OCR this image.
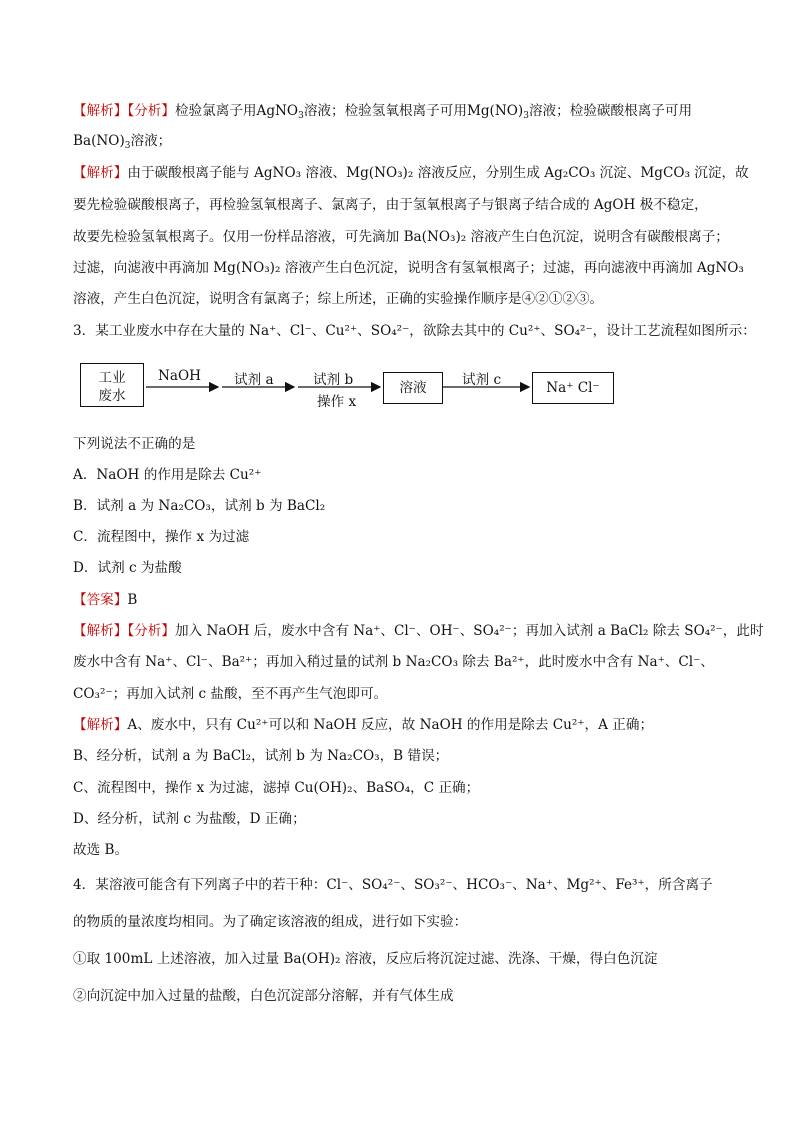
【解析】【分析】检验氯离子用AgNO$_3$溶液；检验氢氧根离子可用$Mg(NO)_3$溶液；检验碳酸根离子可用
$Ba(NO)_3$溶液；
【解析】由于碳酸根离子能与 AgNO₃ 溶液、Mg(NO₃)₂ 溶液反应，分别生成 Ag₂CO₃ 沉淀、MgCO₃ 沉淀，故
要先检验碳酸根离子，再检验氢氧根离子、氯离子，由于氢氧根离子与银离子结合成的 AgOH 极不稳定，
故要先检验氢氧根离子。仅用一份样品溶液，可先滴加 Ba(NO₃)₂ 溶液产生白色沉淀，说明含有碳酸根离子；
过滤，向滤液中再滴加 Mg(NO₃)₂ 溶液产生白色沉淀，说明含有氢氧根离子；过滤，再向滤液中再滴加 AgNO₃
溶液，产生白色沉淀，说明含有氯离子；综上所述，正确的实验操作顺序是④②①②③。
3．某工业废水中存在大量的 Na⁺、Cl⁻、Cu²⁺、SO₄²⁻，欲除去其中的 Cu²⁺、SO₄²⁻，设计工艺流程如图所示：
工业
废水	溶液	Na⁺ Cl⁻
NaOH 试剂 a	试剂 b
操作 x
试剂 c
下列说法不正确的是
A．NaOH 的作用是除去 Cu²⁺
B．试剂 a 为 Na₂CO₃，试剂 b 为 BaCl₂
C．流程图中，操作 x 为过滤
D．试剂 c 为盐酸
【答案】B
【解析】【分析】加入 NaOH 后，废水中含有 Na⁺、Cl⁻、OH⁻、SO₄²⁻；再加入试剂 a BaCl₂ 除去 SO₄²⁻，此时
废水中含有 Na⁺、Cl⁻、Ba²⁺；再加入稍过量的试剂 b Na₂CO₃ 除去 Ba²⁺，此时废水中含有 Na⁺、Cl⁻、
CO₃²⁻；再加入试剂 c 盐酸，至不再产生气泡即可。
【解析】A、废水中，只有 Cu²⁺可以和 NaOH 反应，故 NaOH 的作用是除去 Cu²⁺，A 正确；
B、经分析，试剂 a 为 BaCl₂，试剂 b 为 Na₂CO₃，B 错误；
C、流程图中，操作 x 为过滤，滤掉 Cu(OH)₂、BaSO₄，C 正确；
D、经分析，试剂 c 为盐酸，D 正确；
故选 B。
4．某溶液可能含有下列离子中的若干种：Cl⁻、SO₄²⁻、SO₃²⁻、HCO₃⁻、Na⁺、Mg²⁺、Fe³⁺，所含离子
的物质的量浓度均相同。为了确定该溶液的组成，进行如下实验：
①取 100mL 上述溶液，加入过量 Ba(OH)₂ 溶液，反应后将沉淀过滤、洗涤、干燥，得白色沉淀
②向沉淀中加入过量的盐酸，白色沉淀部分溶解，并有气体生成
